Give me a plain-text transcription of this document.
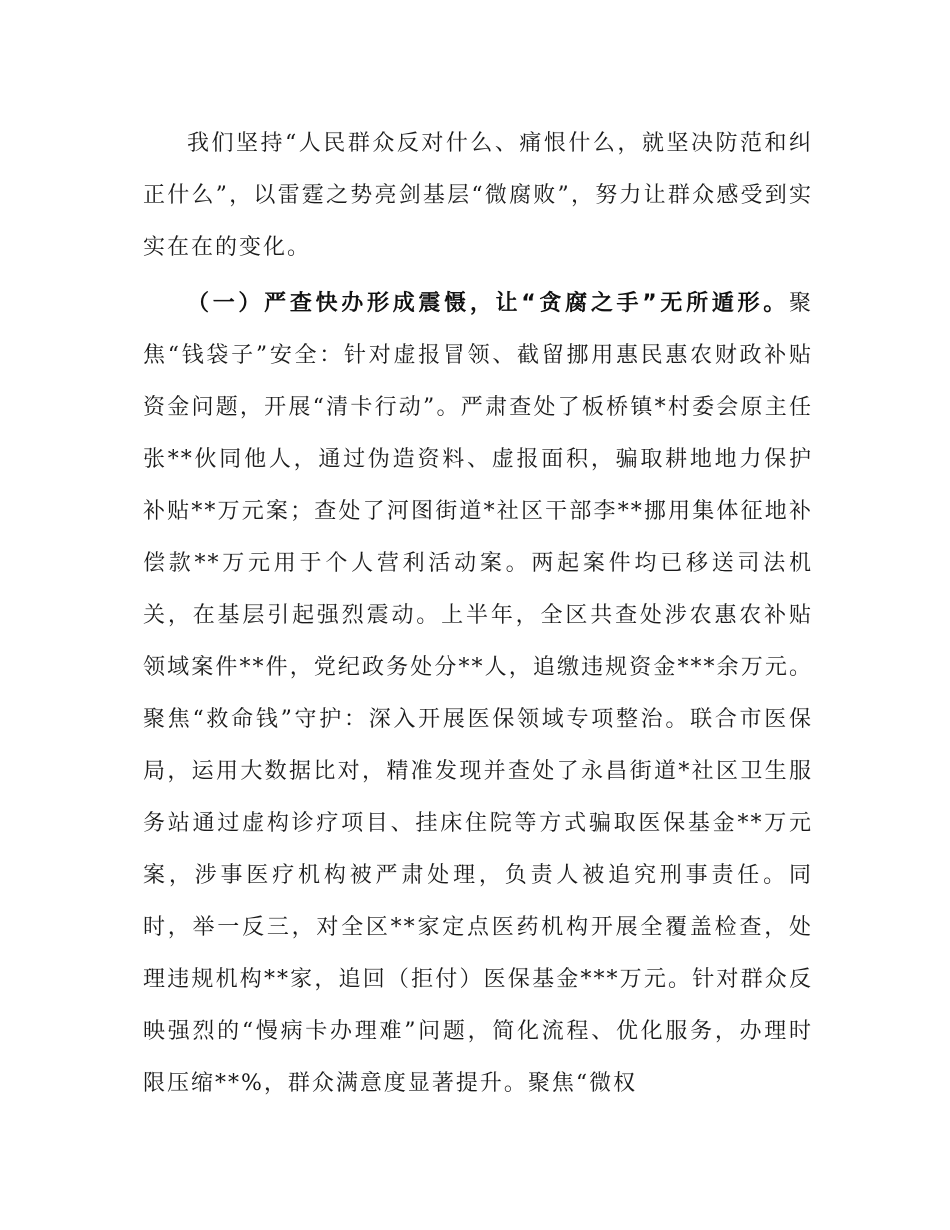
我们坚持“人民群众反对什么、痛恨什么，就坚决防范和纠正什么”，以雷霆之势亮剑基层“微腐败”，努力让群众感受到实实在在的变化。

（一）严查快办形成震慑，让“贪腐之手”无所遁形。聚焦“钱袋子”安全：针对虚报冒领、截留挪用惠民惠农财政补贴资金问题，开展“清卡行动”。严肃查处了板桥镇*村委会原主任张**伙同他人，通过伪造资料、虚报面积，骗取耕地地力保护补贴**万元案；查处了河图街道*社区干部李**挪用集体征地补偿款**万元用于个人营利活动案。两起案件均已移送司法机关，在基层引起强烈震动。上半年，全区共查处涉农惠农补贴领域案件**件，党纪政务处分**人，追缴违规资金***余万元。聚焦“救命钱”守护：深入开展医保领域专项整治。联合市医保局，运用大数据比对，精准发现并查处了永昌街道*社区卫生服务站通过虚构诊疗项目、挂床住院等方式骗取医保基金**万元案，涉事医疗机构被严肃处理，负责人被追究刑事责任。同时，举一反三，对全区**家定点医药机构开展全覆盖检查，处理违规机构**家，追回（拒付）医保基金***万元。针对群众反映强烈的“慢病卡办理难”问题，简化流程、优化服务，办理时限压缩**%，群众满意度显著提升。聚焦“微权
